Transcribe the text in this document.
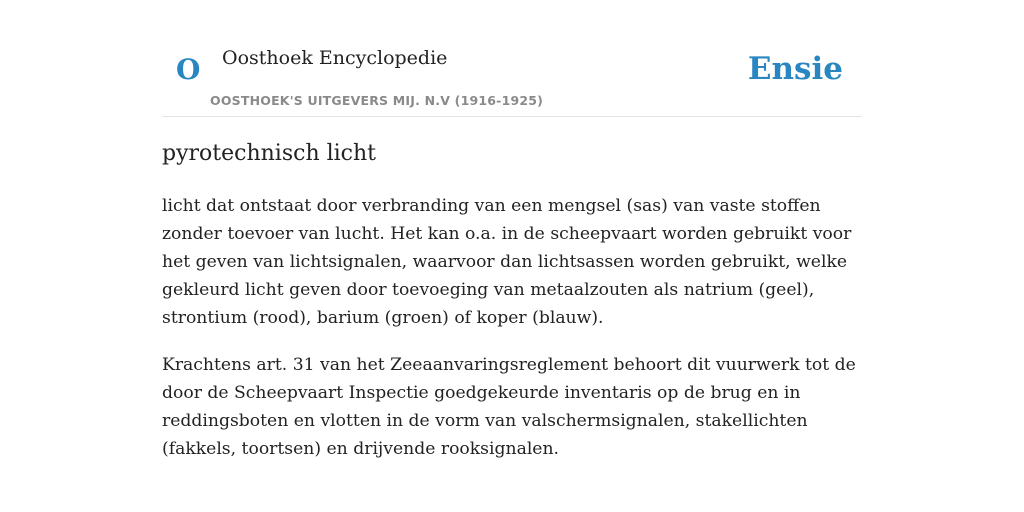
O Oosthoek Encyclopedie
OOSTHOEK'S UITGEVERS MIJ. N.V (1916-1925)
Ensie
pyrotechnisch licht

licht dat ontstaat door verbranding van een mengsel (sas) van vaste stoffen zonder toevoer van lucht. Het kan o.a. in de scheepvaart worden gebruikt voor het geven van lichtsignalen, waarvoor dan lichtsassen worden gebruikt, welke gekleurd licht geven door toevoeging van metaalzouten als natrium (geel), strontium (rood), barium (groen) of koper (blauw).

Krachtens art. 31 van het Zeeaanvaringsreglement behoort dit vuurwerk tot de door de Scheepvaart Inspectie goedgekeurde inventaris op de brug en in reddingsboten en vlotten in de vorm van valschermsignalen, stakellichten (fakkels, toortsen) en drijvende rooksignalen.
